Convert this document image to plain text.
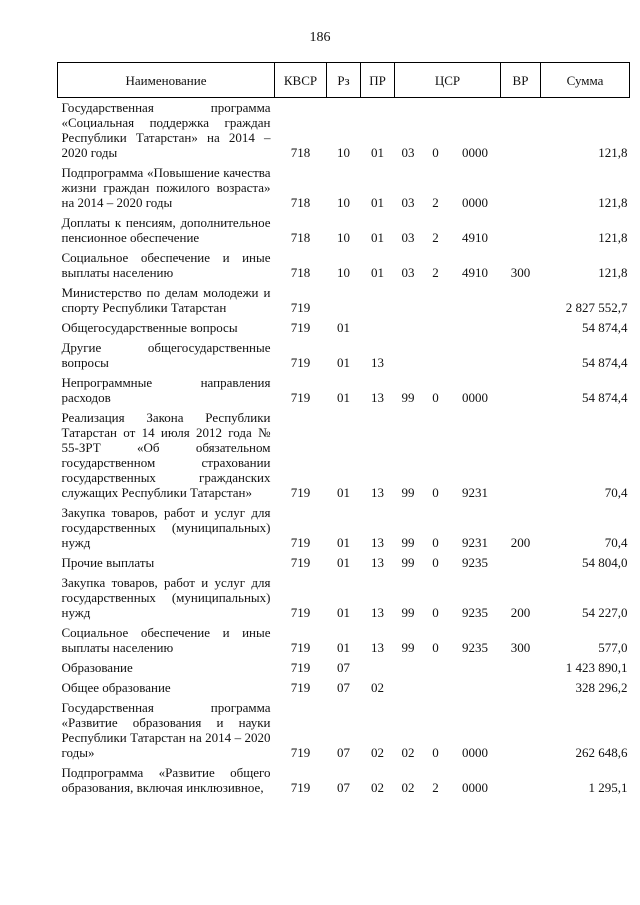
186
Наименование	КВСР	Рз	ПР	ЦСР			ВР	Сумма
Государственная программа «Социальная поддержка граждан Республики Татарстан» на 2014 – 2020 годы	718	10	01	03	0	0000		121,8
Подпрограмма «Повышение качества жизни граждан пожилого возраста» на 2014 – 2020 годы	718	10	01	03	2	0000		121,8
Доплаты к пенсиям, дополнительное пенсионное обеспечение	718	10	01	03	2	4910		121,8
Социальное обеспечение и иные выплаты населению	718	10	01	03	2	4910	300	121,8
Министерство по делам молодежи и спорту Республики Татарстан	719							2 827 552,7
Общегосударственные вопросы	719	01						54 874,4
Другие общегосударственные вопросы	719	01	13					54 874,4
Непрограммные направления расходов	719	01	13	99	0	0000		54 874,4
Реализация Закона Республики Татарстан от 14 июля 2012 года № 55-ЗРТ «Об обязательном государственном страховании государственных гражданских служащих Республики Татарстан»	719	01	13	99	0	9231		70,4
Закупка товаров, работ и услуг для государственных (муниципальных) нужд	719	01	13	99	0	9231	200	70,4
Прочие выплаты	719	01	13	99	0	9235		54 804,0
Закупка товаров, работ и услуг для государственных (муниципальных) нужд	719	01	13	99	0	9235	200	54 227,0
Социальное обеспечение и иные выплаты населению	719	01	13	99	0	9235	300	577,0
Образование	719	07						1 423 890,1
Общее образование	719	07	02					328 296,2
Государственная программа «Развитие образования и науки Республики Татарстан на 2014 – 2020 годы»	719	07	02	02	0	0000		262 648,6
Подпрограмма «Развитие общего образования, включая инклюзивное,	719	07	02	02	2	0000		1 295,1
